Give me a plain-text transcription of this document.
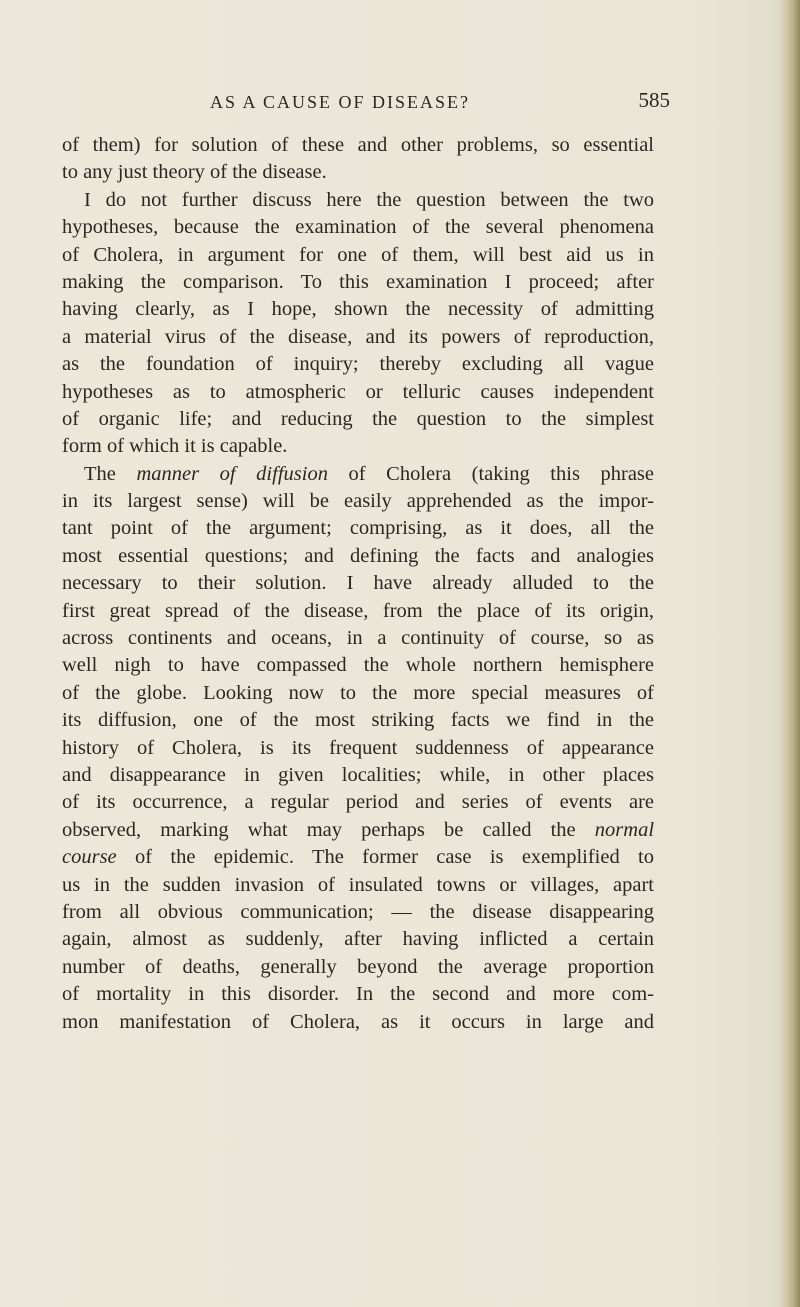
AS A CAUSE OF DISEASE?	585
of them) for solution of these and other problems, so essential
to any just theory of the disease.
I do not further discuss here the question between the two
hypotheses, because the examination of the several phenomena
of Cholera, in argument for one of them, will best aid us in
making the comparison. To this examination I proceed; after
having clearly, as I hope, shown the necessity of admitting
a material virus of the disease, and its powers of reproduction,
as the foundation of inquiry; thereby excluding all vague
hypotheses as to atmospheric or telluric causes independent
of organic life; and reducing the question to the simplest
form of which it is capable.
The manner of diffusion of Cholera (taking this phrase
in its largest sense) will be easily apprehended as the impor-
tant point of the argument; comprising, as it does, all the
most essential questions; and defining the facts and analogies
necessary to their solution. I have already alluded to the
first great spread of the disease, from the place of its origin,
across continents and oceans, in a continuity of course, so as
well nigh to have compassed the whole northern hemisphere
of the globe. Looking now to the more special measures of
its diffusion, one of the most striking facts we find in the
history of Cholera, is its frequent suddenness of appearance
and disappearance in given localities; while, in other places
of its occurrence, a regular period and series of events are
observed, marking what may perhaps be called the normal
course of the epidemic. The former case is exemplified to
us in the sudden invasion of insulated towns or villages, apart
from all obvious communication; — the disease disappearing
again, almost as suddenly, after having inflicted a certain
number of deaths, generally beyond the average proportion
of mortality in this disorder. In the second and more com-
mon manifestation of Cholera, as it occurs in large and
